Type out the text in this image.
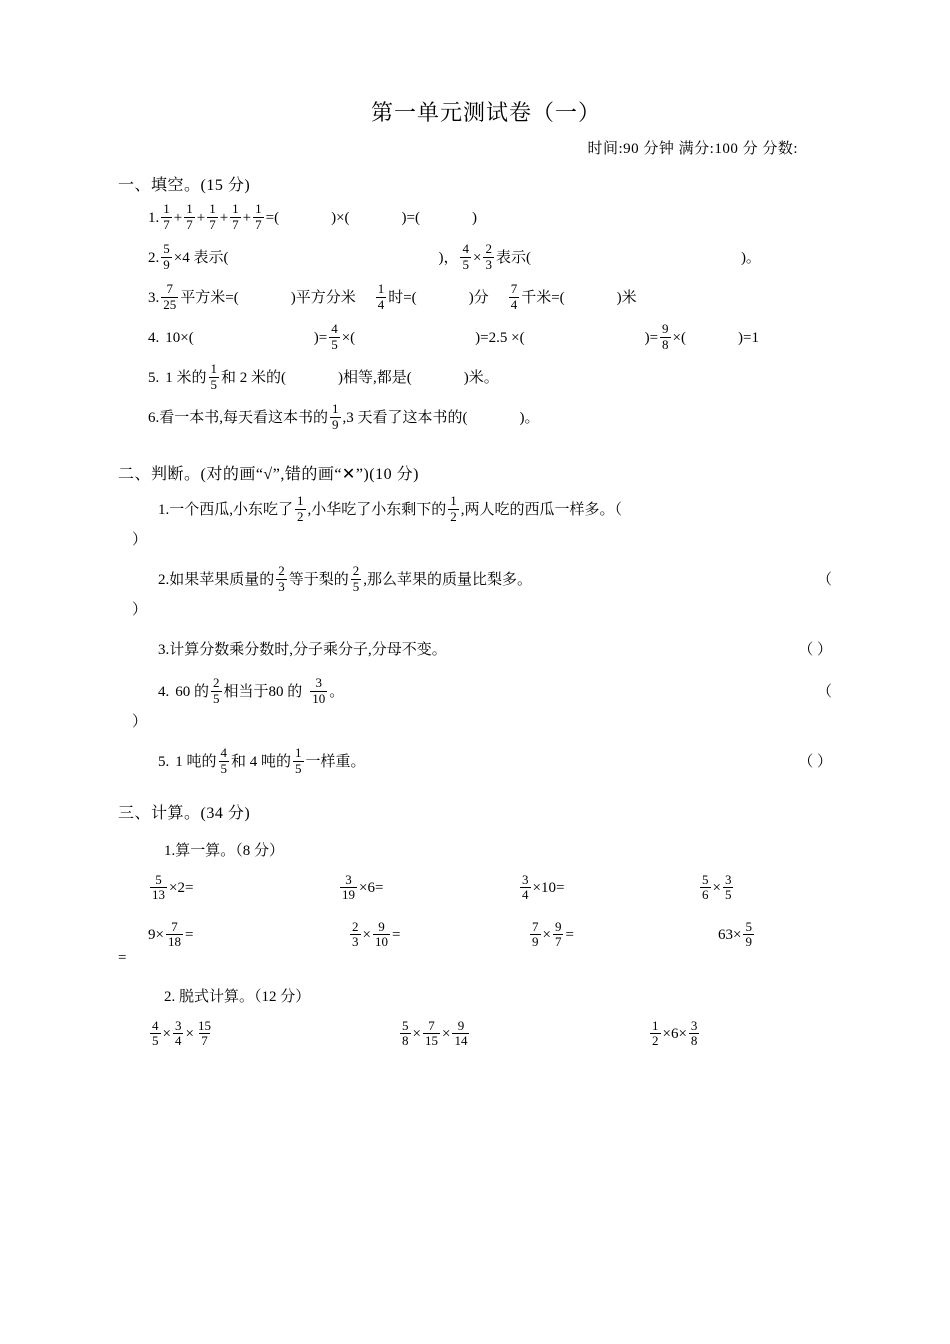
第一单元测试卷（一）
时间:90 分钟 满分:100 分 分数:
一、填空。(15 分)
1. $\frac{1}{7} + \frac{1}{7} + \frac{1}{7} + \frac{1}{7} + \frac{1}{7}$ =(	)×(	)=(	)
2. $\frac{5}{9} \times 4$ 表示(	)， $\frac{4}{5} \times \frac{2}{3}$ 表示(	)。
3. $\frac{7}{25}$ 平方米=(	)平方分米 $\frac{1}{4}$ 时=(	)分 $\frac{7}{4}$ 千米=(	)米
4. 10×(	)= $\frac{4}{5}$ ×(	)=2.5 ×(	)= $\frac{9}{8}$ ×(	)=1
5. 1 米的 $\frac{1}{5}$ 和 2 米的(	)相等,都是(	)米。
6. 看一本书,每天看这本书的 $\frac{1}{9} ,3$ 天看了这本书的(	)。
二、判断。(对的画“√”,错的画“✕”)(10 分)
1. 一个西瓜,小东吃了 $\frac{1}{2}$ ,小华吃了小东剩下的 $\frac{1}{2}$ ,两人吃的西瓜一样多。（
）
2. 如果苹果质量的 $\frac{2}{3}$ 等于梨的 $\frac{2}{5}$ ,那么苹果的质量比梨多。	（
）
3. 计算分数乘分数时,分子乘分子,分母不变。	（ ）
4. 60 的 $\frac{2}{5}$ 相当于80 的 $\frac{3}{10}$ 。	（
）
5. 1 吨的 $\frac{4}{5}$ 和 4 吨的 $\frac{1}{5}$ 一样重。	（ ）
三、计算。(34 分)
1.算一算。（8 分）
$\frac{5}{13} \times 2=$	$\frac{3}{19} \times 6=$	$\frac{3}{4} \times 10=$	$\frac{5}{6} \times \frac{3}{5}$
$9\times \frac{7}{18}$ =	$\frac{2}{3} \times \frac{9}{10}$ =	$\frac{7}{9} \times \frac{9}{7}$ =	$63\times \frac{5}{9}$
=
2. 脱式计算。（12 分）
$\frac{4}{5} \times \frac{3}{4} \times \frac{15}{7}$	$\frac{5}{8} \times \frac{7}{15} \times \frac{9}{14}$	$\frac{1}{2} \times 6\times \frac{3}{8}$
